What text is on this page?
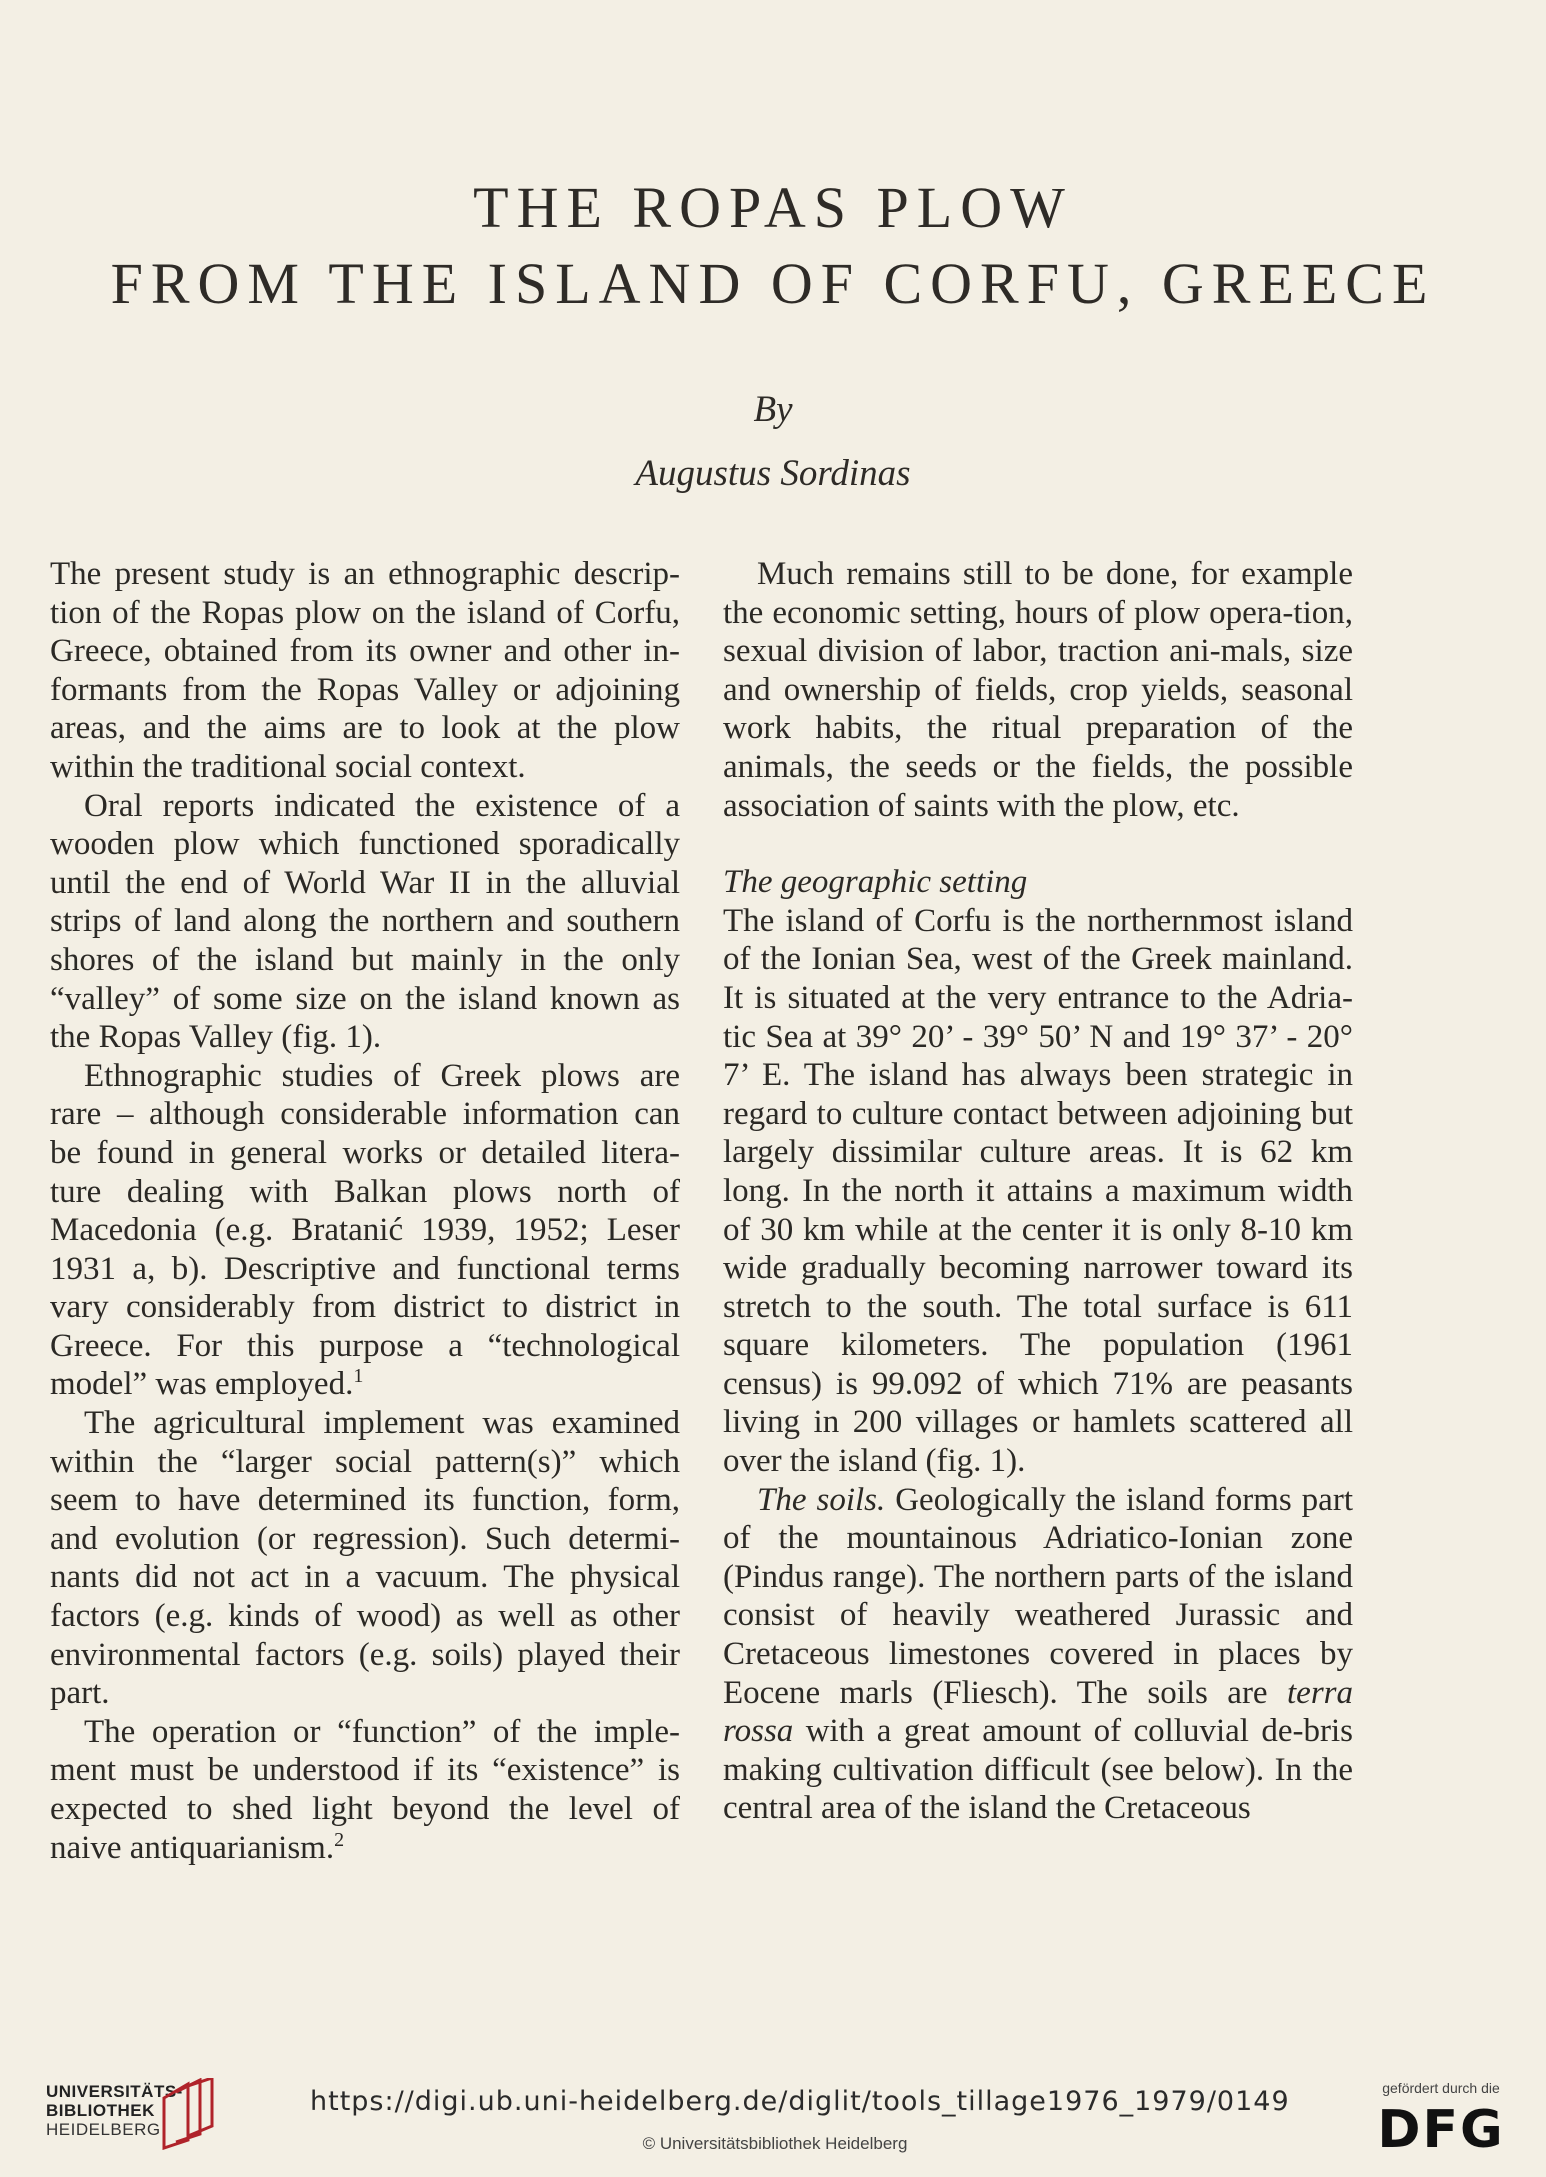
THE ROPAS PLOW
FROM THE ISLAND OF CORFU, GREECE
By
Augustus Sordinas

The present study is an ethnographic descrip-tion of the Ropas plow on the island of Corfu, Greece, obtained from its owner and other in-formants from the Ropas Valley or adjoining areas, and the aims are to look at the plow within the traditional social context.

Oral reports indicated the existence of a wooden plow which functioned sporadically until the end of World War II in the alluvial strips of land along the northern and southern shores of the island but mainly in the only “valley” of some size on the island known as the Ropas Valley (fig. 1).

Ethnographic studies of Greek plows are rare – although considerable information can be found in general works or detailed litera-ture dealing with Balkan plows north of Macedonia (e.g. Bratanić 1939, 1952; Leser 1931 a, b). Descriptive and functional terms vary considerably from district to district in Greece. For this purpose a “technological model” was employed.$^1$

The agricultural implement was examined within the “larger social pattern(s)” which seem to have determined its function, form, and evolution (or regression). Such determi-nants did not act in a vacuum. The physical factors (e.g. kinds of wood) as well as other environmental factors (e.g. soils) played their part.

The operation or “function” of the imple-ment must be understood if its “existence” is expected to shed light beyond the level of naive antiquarianism.$^2$

Much remains still to be done, for example the economic setting, hours of plow opera-tion, sexual division of labor, traction ani-mals, size and ownership of fields, crop yields, seasonal work habits, the ritual preparation of the animals, the seeds or the fields, the possible association of saints with the plow, etc.

The geographic setting

The island of Corfu is the northernmost island of the Ionian Sea, west of the Greek mainland. It is situated at the very entrance to the Adria-tic Sea at 39° 20’ - 39° 50’ N and 19° 37’ - 20° 7’ E. The island has always been strategic in regard to culture contact between adjoining but largely dissimilar culture areas. It is 62 km long. In the north it attains a maximum width of 30 km while at the center it is only 8-10 km wide gradually becoming narrower toward its stretch to the south. The total surface is 611 square kilometers. The population (1961 census) is 99.092 of which 71% are peasants living in 200 villages or hamlets scattered all over the island (fig. 1).

The soils. Geologically the island forms part of the mountainous Adriatico-Ionian zone (Pindus range). The northern parts of the island consist of heavily weathered Jurassic and Cretaceous limestones covered in places by Eocene marls (Fliesch). The soils are terra rossa with a great amount of colluvial de-bris making cultivation difficult (see below). In the central area of the island the Cretaceous

UNIVERSITÄTS-
BIBLIOTHEK
HEIDELBERG
https://digi.ub.uni-heidelberg.de/diglit/tools_tillage1976_1979/0149
© Universitätsbibliothek Heidelberg
gefördert durch die
DFG
